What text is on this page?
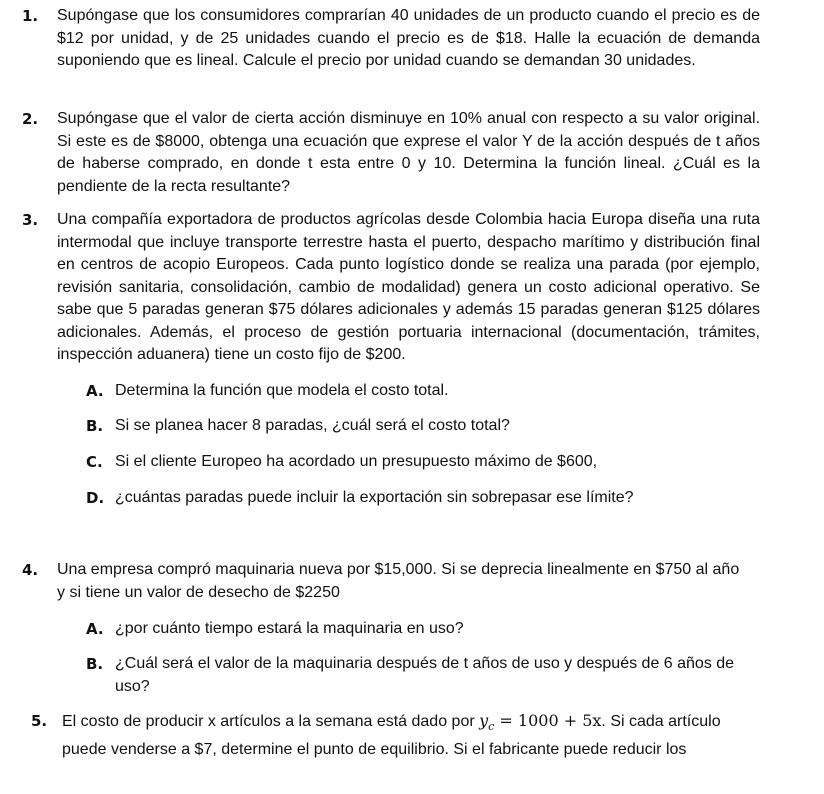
1. Supóngase que los consumidores comprarían 40 unidades de un producto cuando el precio es de $12 por unidad, y de 25 unidades cuando el precio es de $18. Halle la ecuación de demanda suponiendo que es lineal. Calcule el precio por unidad cuando se demandan 30 unidades.

2. Supóngase que el valor de cierta acción disminuye en 10% anual con respecto a su valor original. Si este es de $8000, obtenga una ecuación que exprese el valor Y de la acción después de t años de haberse comprado, en donde t esta entre 0 y 10. Determina la función lineal. ¿Cuál es la pendiente de la recta resultante?

3. Una compañía exportadora de productos agrícolas desde Colombia hacia Europa diseña una ruta intermodal que incluye transporte terrestre hasta el puerto, despacho marítimo y distribución final en centros de acopio Europeos. Cada punto logístico donde se realiza una parada (por ejemplo, revisión sanitaria, consolidación, cambio de modalidad) genera un costo adicional operativo. Se sabe que 5 paradas generan $75 dólares adicionales y además 15 paradas generan $125 dólares adicionales. Además, el proceso de gestión portuaria internacional (documentación, trámites, inspección aduanera) tiene un costo fijo de $200.

A. Determina la función que modela el costo total.

B. Si se planea hacer 8 paradas, ¿cuál será el costo total?

C. Si el cliente Europeo ha acordado un presupuesto máximo de $600,

D. ¿cuántas paradas puede incluir la exportación sin sobrepasar ese límite?

4. Una empresa compró maquinaria nueva por $15,000. Si se deprecia linealmente en $750 al año y si tiene un valor de desecho de $2250

A. ¿por cuánto tiempo estará la maquinaria en uso?

B. ¿Cuál será el valor de la maquinaria después de t años de uso y después de 6 años de uso?

5. El costo de producir x artículos a la semana está dado por $y_c = 1000 + 5x$. Si cada artículo puede venderse a $7, determine el punto de equilibrio. Si el fabricante puede reducir los
